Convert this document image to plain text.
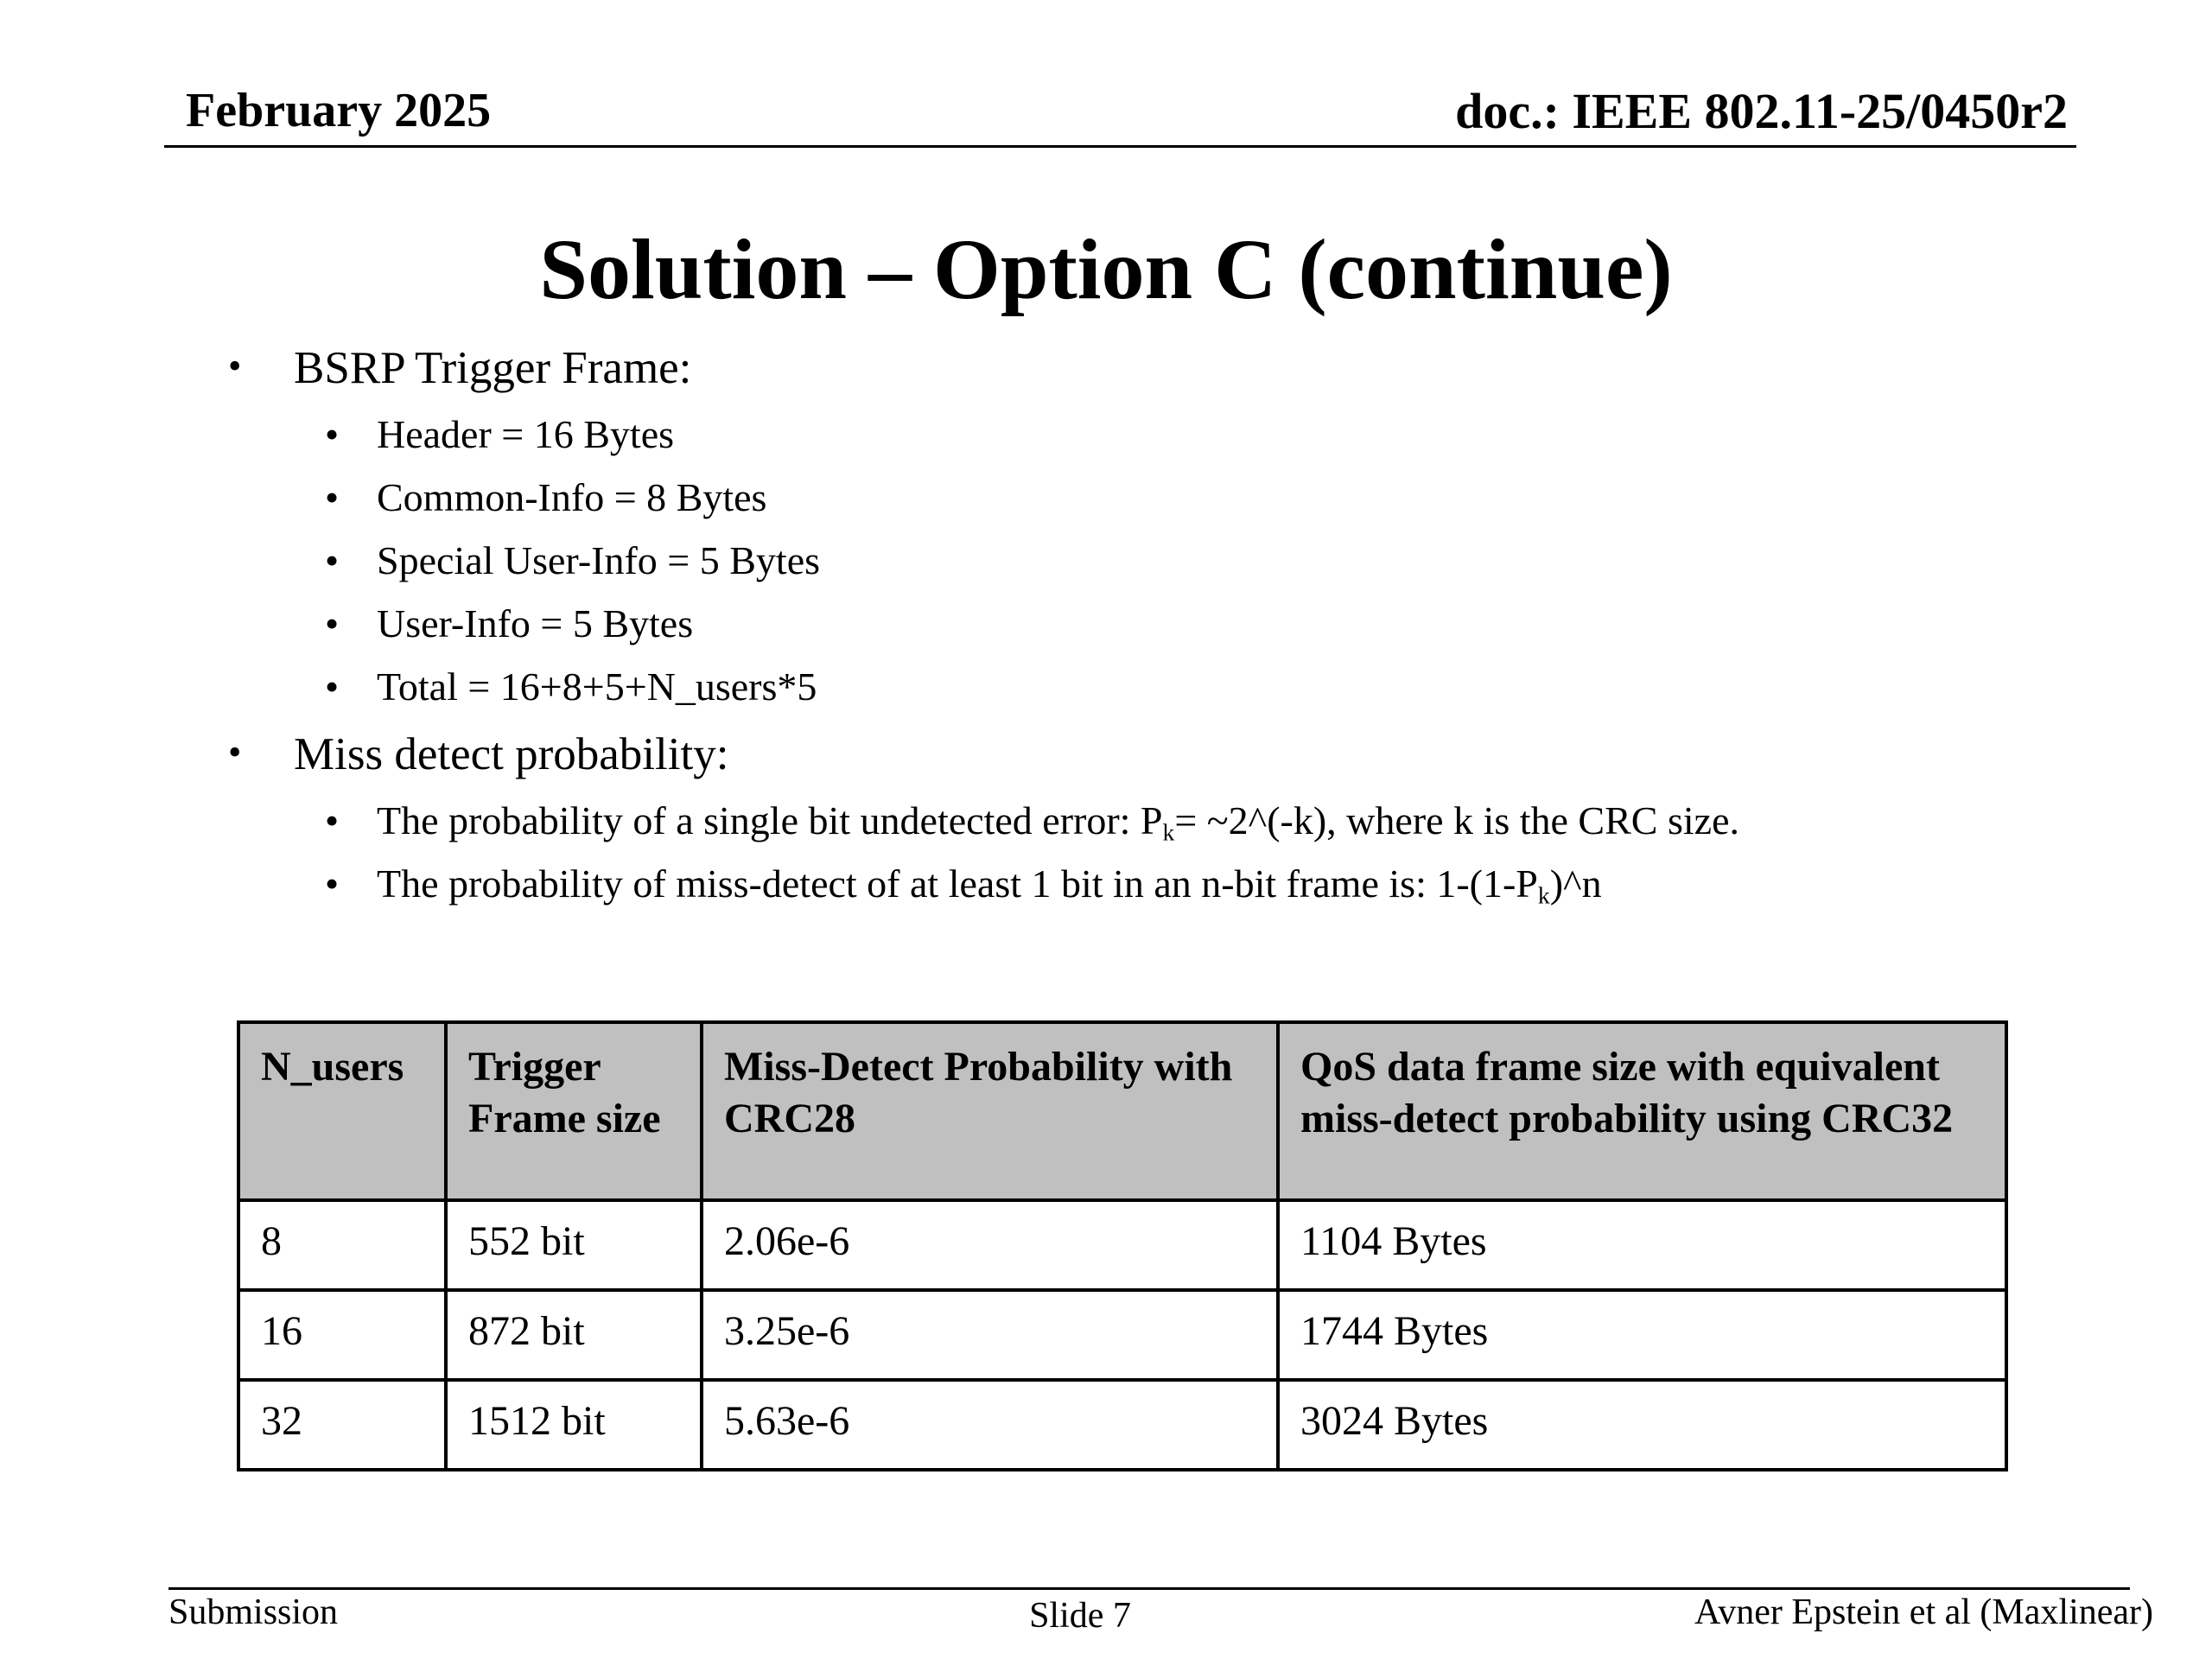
February 2025	doc.: IEEE 802.11-25/0450r2
Solution – Option C (continue)
• BSRP Trigger Frame:
• Header = 16 Bytes
• Common-Info = 8 Bytes
• Special User-Info = 5 Bytes
• User-Info = 5 Bytes
• Total = 16+8+5+N_users*5
• Miss detect probability:
• The probability of a single bit undetected error: $P_k=$ ~2^(-k), where k is the CRC size.
• The probability of miss-detect of at least 1 bit in an n-bit frame is: $1-(1-P_k)\^{}n$
N_users	Trigger Frame size	Miss-Detect Probability with CRC28	QoS data frame size with equivalent miss-detect probability using CRC32
8	552 bit	2.06e-6	1104 Bytes
16	872 bit	3.25e-6	1744 Bytes
32	1512 bit	5.63e-6	3024 Bytes
Submission	Slide 7	Avner Epstein et al (Maxlinear)
